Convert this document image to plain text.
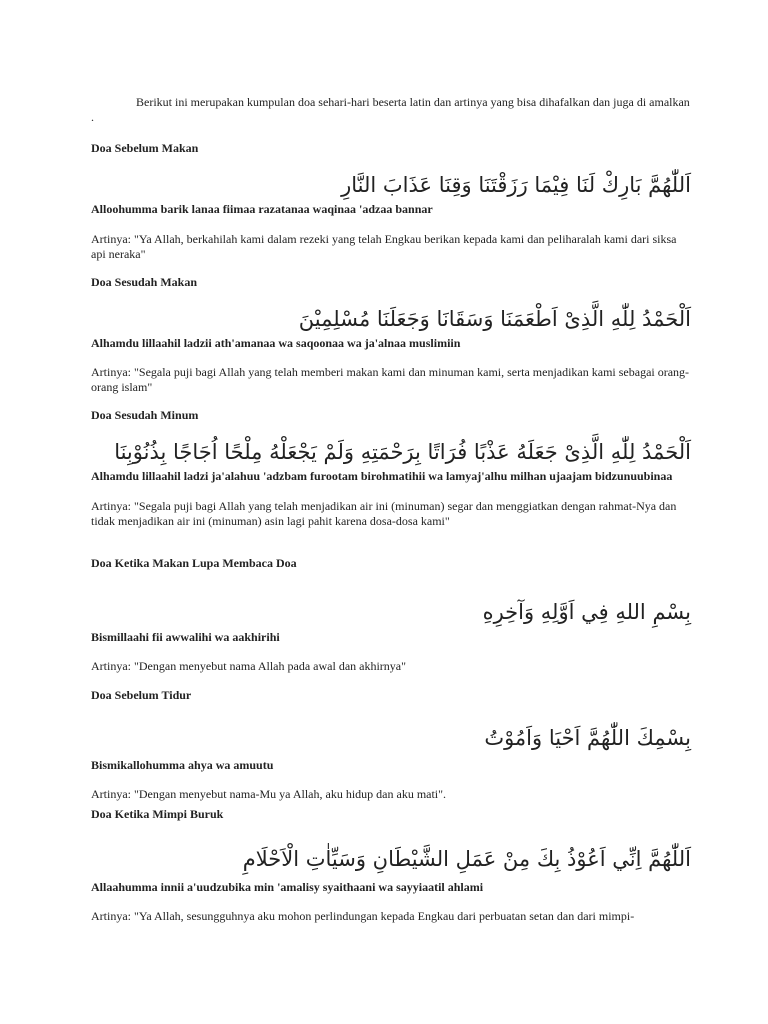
Berikut ini merupakan kumpulan doa sehari-hari beserta latin dan artinya yang bisa dihafalkan dan juga di amalkan .

Doa Sebelum Makan

اَللّٰهُمَّ بَارِكْ لَنَا فِيْمَا رَزَقْتَنَا وَقِنَا عَذَابَ النَّارِ

Alloohumma barik lanaa fiimaa razatanaa waqinaa 'adzaa bannar

Artinya: "Ya Allah, berkahilah kami dalam rezeki yang telah Engkau berikan kepada kami dan peliharalah kami dari siksa api neraka"

Doa Sesudah Makan

اَلْحَمْدُ لِلّٰهِ الَّذِىْ اَطْعَمَنَا وَسَقَانَا وَجَعَلَنَا مُسْلِمِيْنَ

Alhamdu lillaahil ladzii ath'amanaa wa saqoonaa wa ja'alnaa muslimiin

Artinya: "Segala puji bagi Allah yang telah memberi makan kami dan minuman kami, serta menjadikan kami sebagai orang-orang islam"

Doa Sesudah Minum

اَلْحَمْدُ لِلّٰهِ الَّذِىْ جَعَلَهُ عَذْبًا فُرَاتًا بِرَحْمَتِهِ وَلَمْ يَجْعَلْهُ مِلْحًا اُجَاجًا بِذُنُوْبِنَا

Alhamdu lillaahil ladzi ja'alahuu 'adzbam furootam birohmatihii wa lamyaj'alhu milhan ujaajam bidzunuubinaa

Artinya: "Segala puji bagi Allah yang telah menjadikan air ini (minuman) segar dan menggiatkan dengan rahmat-Nya dan tidak menjadikan air ini (minuman) asin lagi pahit karena dosa-dosa kami"

Doa Ketika Makan Lupa Membaca Doa

بِسْمِ اللهِ فِي اَوَّلِهِ وَآخِرِهِ

Bismillaahi fii awwalihi wa aakhirihi

Artinya: "Dengan menyebut nama Allah pada awal dan akhirnya"

Doa Sebelum Tidur

بِسْمِكَ اللّٰهُمَّ اَحْيَا وَاَمُوْتُ

Bismikallohumma ahya wa amuutu

Artinya: "Dengan menyebut nama-Mu ya Allah, aku hidup dan aku mati".

Doa Ketika Mimpi Buruk

اَللّٰهُمَّ اِنِّي اَعُوْذُ بِكَ مِنْ عَمَلِ الشَّيْطَانِ وَسَيِّاٰتِ الْاَحْلَامِ

Allaahumma innii a'uudzubika min 'amalisy syaithaani wa sayyiaatil ahlami

Artinya: "Ya Allah, sesungguhnya aku mohon perlindungan kepada Engkau dari perbuatan setan dan dari mimpi-
